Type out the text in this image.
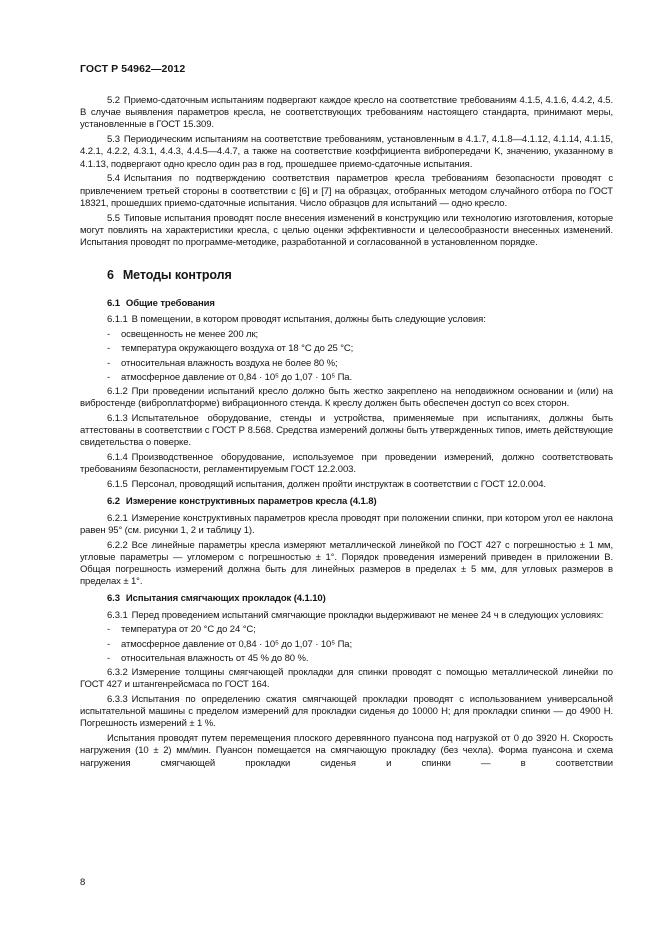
ГОСТ Р 54962—2012

5.2 Приемо-сдаточным испытаниям подвергают каждое кресло на соответствие требованиям 4.1.5, 4.1.6, 4.4.2, 4.5. В случае выявления параметров кресла, не соответствующих требованиям настоящего стандарта, принимают меры, установленные в ГОСТ 15.309.

5.3 Периодическим испытаниям на соответствие требованиям, установленным в 4.1.7, 4.1.8—4.1.12, 4.1.14, 4.1.15, 4.2.1, 4.2.2, 4.3.1, 4.4.3, 4.4.5—4.4.7, а также на соответствие коэффициента вибропередачи K, значению, указанному в 4.1.13, подвергают одно кресло один раз в год, прошедшее приемо-сдаточные испытания.

5.4 Испытания по подтверждению соответствия параметров кресла требованиям безопасности проводят с привлечением третьей стороны в соответствии с [6] и [7] на образцах, отобранных методом случайного отбора по ГОСТ 18321, прошедших приемо-сдаточные испытания. Число образцов для испытаний — одно кресло.

5.5 Типовые испытания проводят после внесения изменений в конструкцию или технологию изготовления, которые могут повлиять на характеристики кресла, с целью оценки эффективности и целесообразности внесенных изменений. Испытания проводят по программе-методике, разработанной и согласованной в установленном порядке.

6 Методы контроля
6.1 Общие требования

6.1.1 В помещении, в котором проводят испытания, должны быть следующие условия:

- освещенность не менее 200 лк;
- температура окружающего воздуха от 18 °С до 25 °С;
- относительная влажность воздуха не более 80 %;
- атмосферное давление от 0,84 · 10⁵ до 1,07 · 10⁵ Па.

6.1.2 При проведении испытаний кресло должно быть жестко закреплено на неподвижном основании и (или) на вибростенде (виброплатформе) вибрационного стенда. К креслу должен быть обеспечен доступ со всех сторон.

6.1.3 Испытательное оборудование, стенды и устройства, применяемые при испытаниях, должны быть аттестованы в соответствии с ГОСТ Р 8.568. Средства измерений должны быть утвержденных типов, иметь действующие свидетельства о поверке.

6.1.4 Производственное оборудование, используемое при проведении измерений, должно соответствовать требованиям безопасности, регламентируемым ГОСТ 12.2.003.

6.1.5 Персонал, проводящий испытания, должен пройти инструктаж в соответствии с ГОСТ 12.0.004.

6.2 Измерение конструктивных параметров кресла (4.1.8)

6.2.1 Измерение конструктивных параметров кресла проводят при положении спинки, при котором угол ее наклона равен 95° (см. рисунки 1, 2 и таблицу 1).

6.2.2 Все линейные параметры кресла измеряют металлической линейкой по ГОСТ 427 с погрешностью ± 1 мм, угловые параметры — угломером с погрешностью ± 1°. Порядок проведения измерений приведен в приложении В. Общая погрешность измерений должна быть для линейных размеров в пределах ± 5 мм, для угловых размеров в пределах ± 1°.

6.3 Испытания смягчающих прокладок (4.1.10)

6.3.1 Перед проведением испытаний смягчающие прокладки выдерживают не менее 24 ч в следующих условиях:

- температура от 20 °С до 24 °С;
- атмосферное давление от 0,84 · 10⁵ до 1,07 · 10⁵ Па;
- относительная влажность от 45 % до 80 %.

6.3.2 Измерение толщины смягчающей прокладки для спинки проводят с помощью металлической линейки по ГОСТ 427 и штангенрейсмаса по ГОСТ 164.

6.3.3 Испытания по определению сжатия смягчающей прокладки проводят с использованием универсальной испытательной машины с пределом измерений для прокладки сиденья до 10000 Н; для прокладки спинки — до 4900 Н. Погрешность измерений ± 1 %.

Испытания проводят путем перемещения плоского деревянного пуансона под нагрузкой от 0 до 3920 Н. Скорость нагружения (10 ± 2) мм/мин. Пуансон помещается на смягчающую прокладку (без чехла). Форма пуансона и схема нагружения смягчающей прокладки сиденья и спинки — в соответствии

8
